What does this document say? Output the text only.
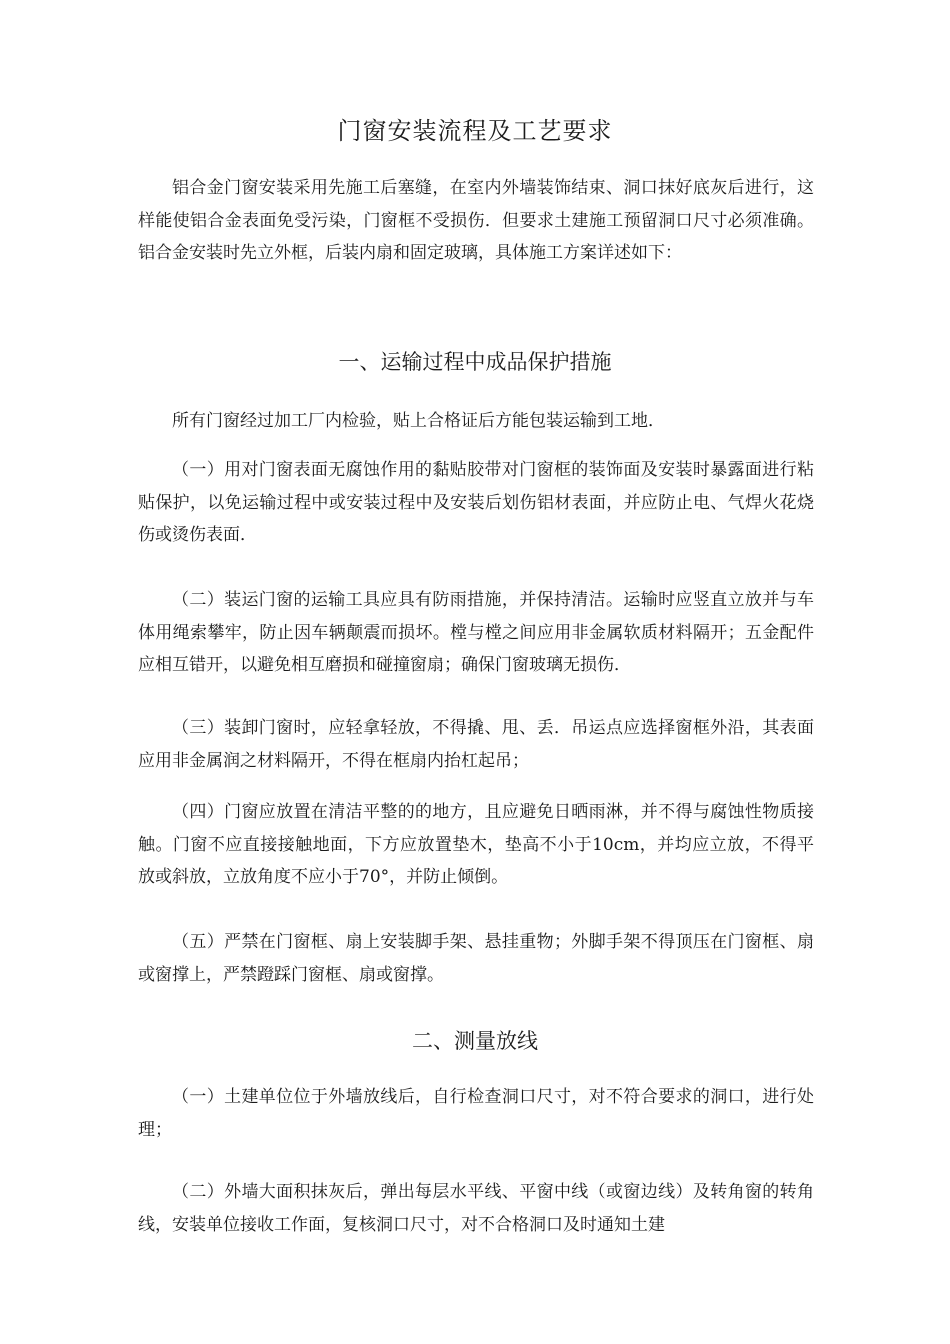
门窗安装流程及工艺要求

铝合金门窗安装采用先施工后塞缝，在室内外墙装饰结束、洞口抹好底灰后进行，这样能使铝合金表面免受污染，门窗框不受损伤．但要求土建施工预留洞口尺寸必须准确。铝合金安装时先立外框，后装内扇和固定玻璃，具体施工方案详述如下：

一、运输过程中成品保护措施

所有门窗经过加工厂内检验，贴上合格证后方能包装运输到工地．

（一）用对门窗表面无腐蚀作用的黏贴胶带对门窗框的装饰面及安装时暴露面进行粘贴保护，以免运输过程中或安装过程中及安装后划伤铝材表面，并应防止电、气焊火花烧伤或烫伤表面．

（二）装运门窗的运输工具应具有防雨措施，并保持清洁。运输时应竖直立放并与车体用绳索攀牢，防止因车辆颠震而损坏。樘与樘之间应用非金属软质材料隔开；五金配件应相互错开，以避免相互磨损和碰撞窗扇；确保门窗玻璃无损伤．

（三）装卸门窗时，应轻拿轻放，不得撬、甩、丢．吊运点应选择窗框外沿，其表面应用非金属润之材料隔开，不得在框扇内抬杠起吊；

（四）门窗应放置在清洁平整的的地方，且应避免日晒雨淋，并不得与腐蚀性物质接触。门窗不应直接接触地面，下方应放置垫木，垫高不小于10cm，并均应立放，不得平放或斜放，立放角度不应小于70°，并防止倾倒。

（五）严禁在门窗框、扇上安装脚手架、悬挂重物；外脚手架不得顶压在门窗框、扇或窗撑上，严禁蹬踩门窗框、扇或窗撑。

二、测量放线

（一）土建单位位于外墙放线后，自行检查洞口尺寸，对不符合要求的洞口，进行处理；

（二）外墙大面积抹灰后，弹出每层水平线、平窗中线（或窗边线）及转角窗的转角线，安装单位接收工作面，复核洞口尺寸，对不合格洞口及时通知土建
